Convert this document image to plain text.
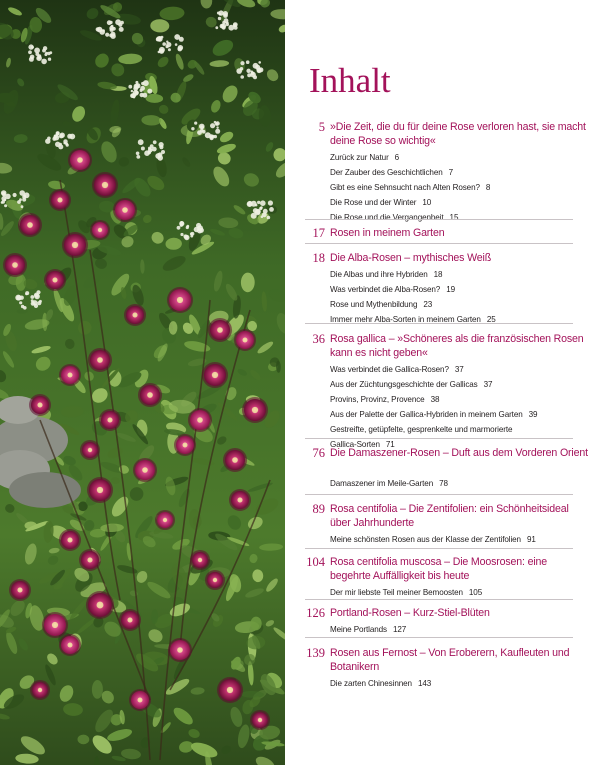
Inhalt
5 »Die Zeit, die du für deine Rose verloren hast, sie macht deine Rose so wichtig«
Zurück zur Natur 6
Der Zauber des Geschichtlichen 7
Gibt es eine Sehnsucht nach Alten Rosen? 8
Die Rose und der Winter 10
Die Rose und die Vergangenheit 15
17 Rosen in meinem Garten
18 Die Alba-Rosen – mythisches Weiß
Die Albas und ihre Hybriden 18
Was verbindet die Alba-Rosen? 19
Rose und Mythenbildung 23
Immer mehr Alba-Sorten in meinem Garten 25
36 Rosa gallica – »Schöneres als die französischen Rosen kann es nicht geben«
Was verbindet die Gallica-Rosen? 37
Aus der Züchtungsgeschichte der Gallicas 37
Provins, Provinz, Provence 38
Aus der Palette der Gallica-Hybriden in meinem Garten 39
Gestreifte, getüpfelte, gesprenkelte und marmorierte
Gallica-Sorten 71
76 Die Damaszener-Rosen – Duft aus dem Vorderen Orient
Damaszener im Meile-Garten 78
89 Rosa centifolia – Die Zentifolien: ein Schönheitsideal über Jahrhunderte
Meine schönsten Rosen aus der Klasse der Zentifolien 91
104 Rosa centifolia muscosa – Die Moosrosen: eine begehrte Auffälligkeit bis heute
Der mir liebste Teil meiner Bemoosten 105
126 Portland-Rosen – Kurz-Stiel-Blüten
Meine Portlands 127
139 Rosen aus Fernost – Von Eroberern, Kaufleuten und Botanikern
Die zarten Chinesinnen 143
